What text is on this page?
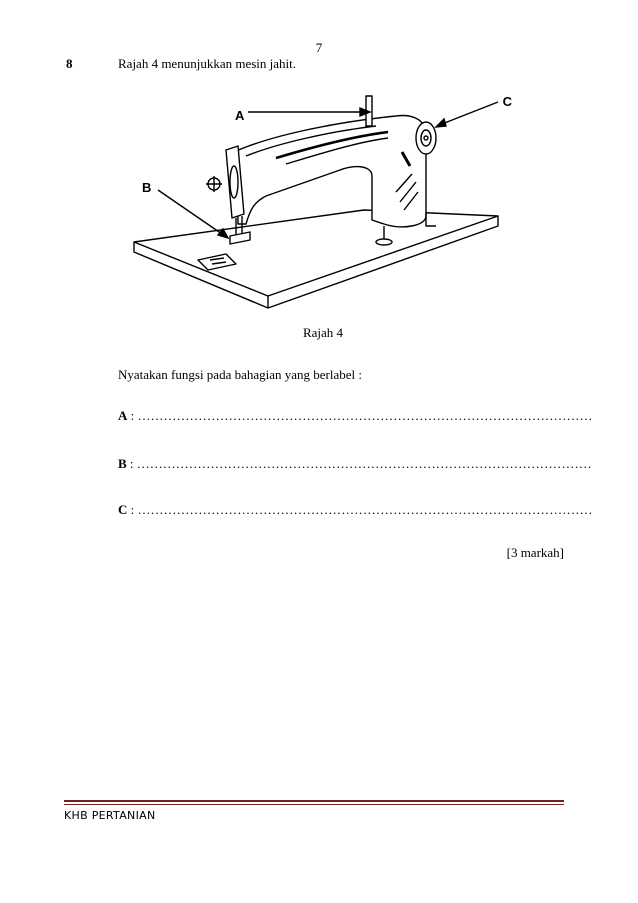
7
8	Rajah 4 menunjukkan mesin jahit.
A
B
C
Rajah 4
Nyatakan fungsi pada bahagian yang berlabel :
A : ……………………………………………………………………………………………
B : ……………………………………………………………………………………………
C : ……………………………………………………………………………………………
[3 markah]
KHB PERTANIAN
